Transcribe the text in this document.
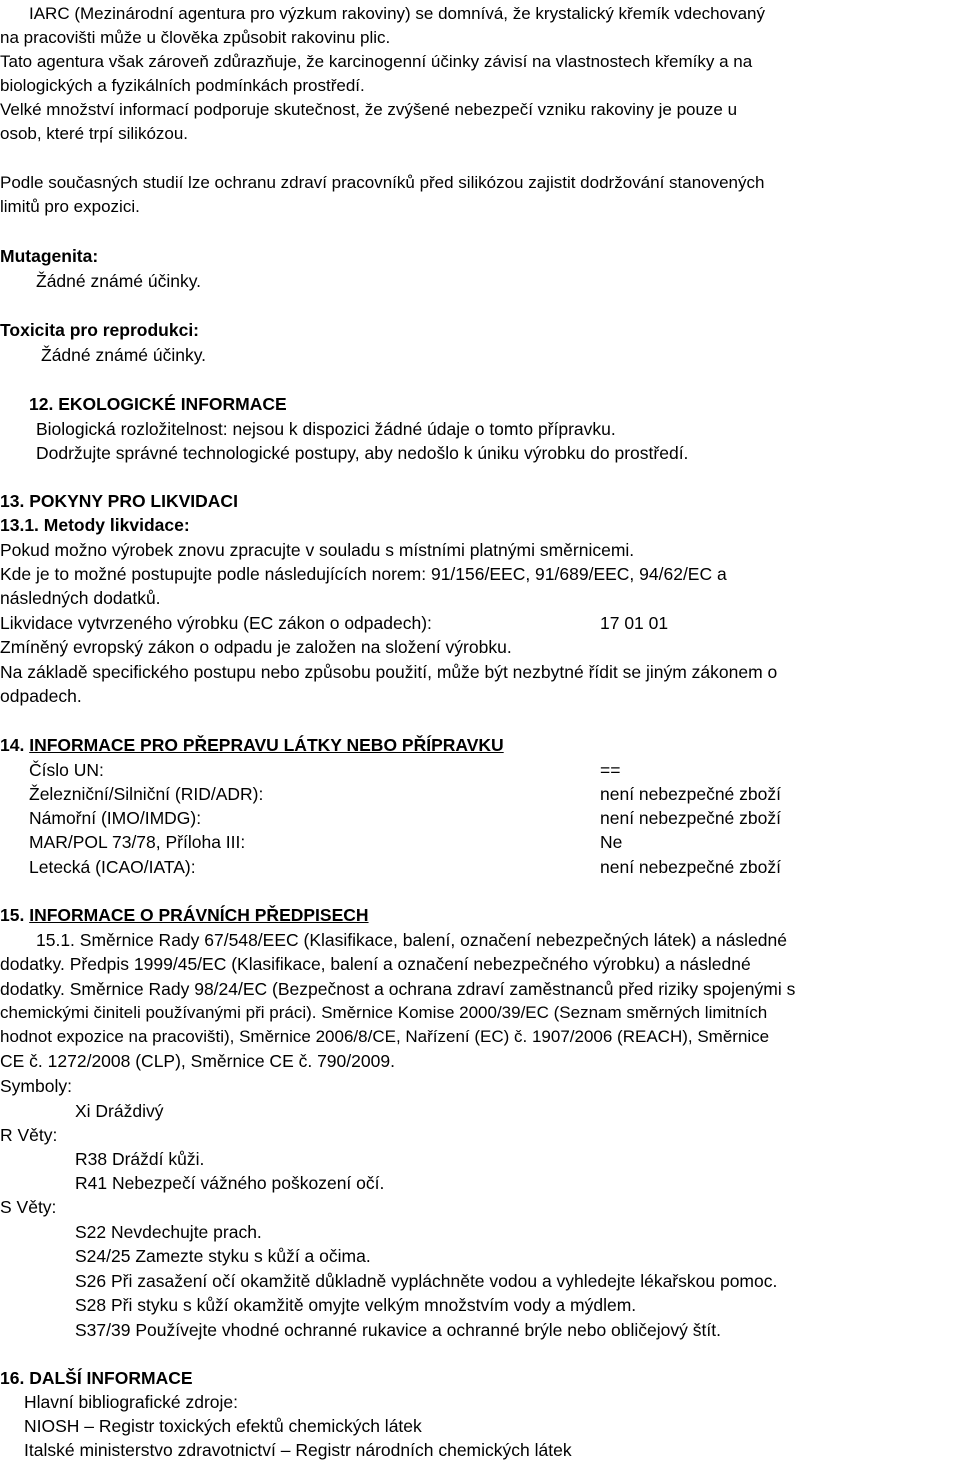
IARC (Mezinárodní agentura pro výzkum rakoviny) se domnívá, že krystalický křemík vdechovaný
na pracovišti může u člověka způsobit rakovinu plic.
Tato agentura však zároveň zdůrazňuje, že karcinogenní účinky závisí na vlastnostech křemíky a na
biologických a fyzikálních podmínkách prostředí.
Velké množství informací podporuje skutečnost, že zvýšené nebezpečí vzniku rakoviny je pouze u
osob, které trpí silikózou.
Podle současných studií lze ochranu zdraví pracovníků před silikózou zajistit dodržování stanovených
limitů pro expozici.
Mutagenita:
Žádné známé účinky.
Toxicita pro reprodukci:
Žádné známé účinky.
12. EKOLOGICKÉ INFORMACE
Biologická rozložitelnost: nejsou k dispozici žádné údaje o tomto přípravku.
Dodržujte správné technologické postupy, aby nedošlo k úniku výrobku do prostředí.
13. POKYNY PRO LIKVIDACI
13.1. Metody likvidace:
Pokud možno výrobek znovu zpracujte v souladu s místními platnými směrnicemi.
Kde je to možné postupujte podle následujících norem: 91/156/EEC, 91/689/EEC, 94/62/EC a
následných dodatků.
Likvidace vytvrzeného výrobku (EC zákon o odpadech):	17 01 01
Zmíněný evropský zákon o odpadu je založen na složení výrobku.
Na základě specifického postupu nebo způsobu použití, může být nezbytné řídit se jiným zákonem o
odpadech.
14. INFORMACE PRO PŘEPRAVU LÁTKY NEBO PŘÍPRAVKU
Číslo UN:	==
Železniční/Silniční (RID/ADR):	není nebezpečné zboží
Námořní (IMO/IMDG):	není nebezpečné zboží
MAR/POL 73/78, Příloha III:	Ne
Letecká (ICAO/IATA):	není nebezpečné zboží
15. INFORMACE O PRÁVNÍCH PŘEDPISECH
15.1. Směrnice Rady 67/548/EEC (Klasifikace, balení, označení nebezpečných látek) a následné
dodatky. Předpis 1999/45/EC (Klasifikace, balení a označení nebezpečného výrobku) a následné
dodatky. Směrnice Rady 98/24/EC (Bezpečnost a ochrana zdraví zaměstnanců před riziky spojenými s
chemickými činiteli používanými při práci). Směrnice Komise 2000/39/EC (Seznam směrných limitních
hodnot expozice na pracovišti), Směrnice 2006/8/CE, Nařízení (EC) č. 1907/2006 (REACH), Směrnice
CE č. 1272/2008 (CLP), Směrnice CE č. 790/2009.
Symboly:
Xi Dráždivý
R Věty:
R38 Dráždí kůži.
R41 Nebezpečí vážného poškození očí.
S Věty:
S22 Nevdechujte prach.
S24/25 Zamezte styku s kůží a očima.
S26 Při zasažení očí okamžitě důkladně vypláchněte vodou a vyhledejte lékařskou pomoc.
S28 Při styku s kůží okamžitě omyjte velkým množstvím vody a mýdlem.
S37/39 Používejte vhodné ochranné rukavice a ochranné brýle nebo obličejový štít.
16. DALŠÍ INFORMACE
Hlavní bibliografické zdroje:
NIOSH – Registr toxických efektů chemických látek
Italské ministerstvo zdravotnictví – Registr národních chemických látek
